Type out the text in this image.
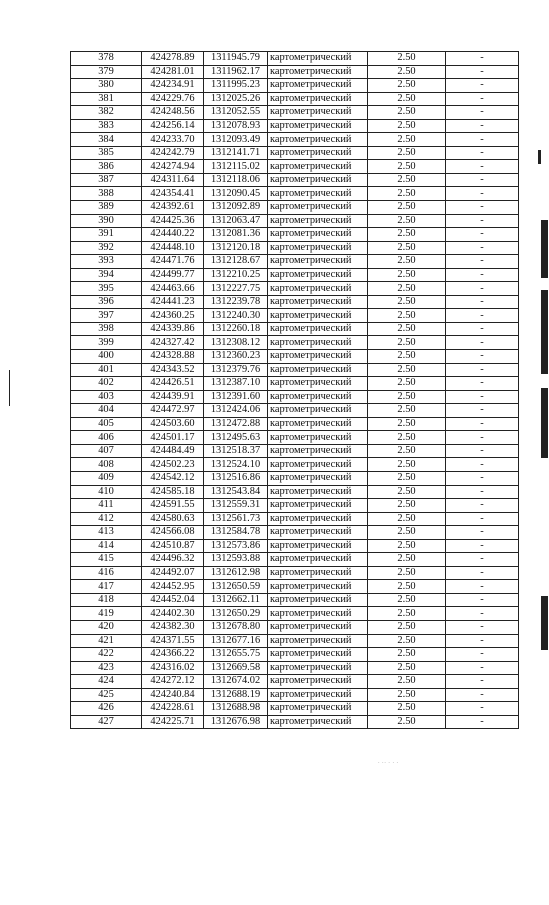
378	424278.89	1311945.79	картометрический	2.50	-
379	424281.01	1311962.17	картометрический	2.50	-
380	424234.91	1311995.23	картометрический	2.50	-
381	424229.76	1312025.26	картометрический	2.50	-
382	424248.56	1312052.55	картометрический	2.50	-
383	424256.14	1312078.93	картометрический	2.50	-
384	424233.70	1312093.49	картометрический	2.50	-
385	424242.79	1312141.71	картометрический	2.50	-
386	424274.94	1312115.02	картометрический	2.50	-
387	424311.64	1312118.06	картометрический	2.50	-
388	424354.41	1312090.45	картометрический	2.50	-
389	424392.61	1312092.89	картометрический	2.50	-
390	424425.36	1312063.47	картометрический	2.50	-
391	424440.22	1312081.36	картометрический	2.50	-
392	424448.10	1312120.18	картометрический	2.50	-
393	424471.76	1312128.67	картометрический	2.50	-
394	424499.77	1312210.25	картометрический	2.50	-
395	424463.66	1312227.75	картометрический	2.50	-
396	424441.23	1312239.78	картометрический	2.50	-
397	424360.25	1312240.30	картометрический	2.50	-
398	424339.86	1312260.18	картометрический	2.50	-
399	424327.42	1312308.12	картометрический	2.50	-
400	424328.88	1312360.23	картометрический	2.50	-
401	424343.52	1312379.76	картометрический	2.50	-
402	424426.51	1312387.10	картометрический	2.50	-
403	424439.91	1312391.60	картометрический	2.50	-
404	424472.97	1312424.06	картометрический	2.50	-
405	424503.60	1312472.88	картометрический	2.50	-
406	424501.17	1312495.63	картометрический	2.50	-
407	424484.49	1312518.37	картометрический	2.50	-
408	424502.23	1312524.10	картометрический	2.50	-
409	424542.12	1312516.86	картометрический	2.50	-
410	424585.18	1312543.84	картометрический	2.50	-
411	424591.55	1312559.31	картометрический	2.50	-
412	424580.63	1312561.73	картометрический	2.50	-
413	424566.08	1312584.78	картометрический	2.50	-
414	424510.87	1312573.86	картометрический	2.50	-
415	424496.32	1312593.88	картометрический	2.50	-
416	424492.07	1312612.98	картометрический	2.50	-
417	424452.95	1312650.59	картометрический	2.50	-
418	424452.04	1312662.11	картометрический	2.50	-
419	424402.30	1312650.29	картометрический	2.50	-
420	424382.30	1312678.80	картометрический	2.50	-
421	424371.55	1312677.16	картометрический	2.50	-
422	424366.22	1312655.75	картометрический	2.50	-
423	424316.02	1312669.58	картометрический	2.50	-
424	424272.12	1312674.02	картометрический	2.50	-
425	424240.84	1312688.19	картометрический	2.50	-
426	424228.61	1312688.98	картометрический	2.50	-
427	424225.71	1312676.98	картометрический	2.50	-
· ·· · · ·
